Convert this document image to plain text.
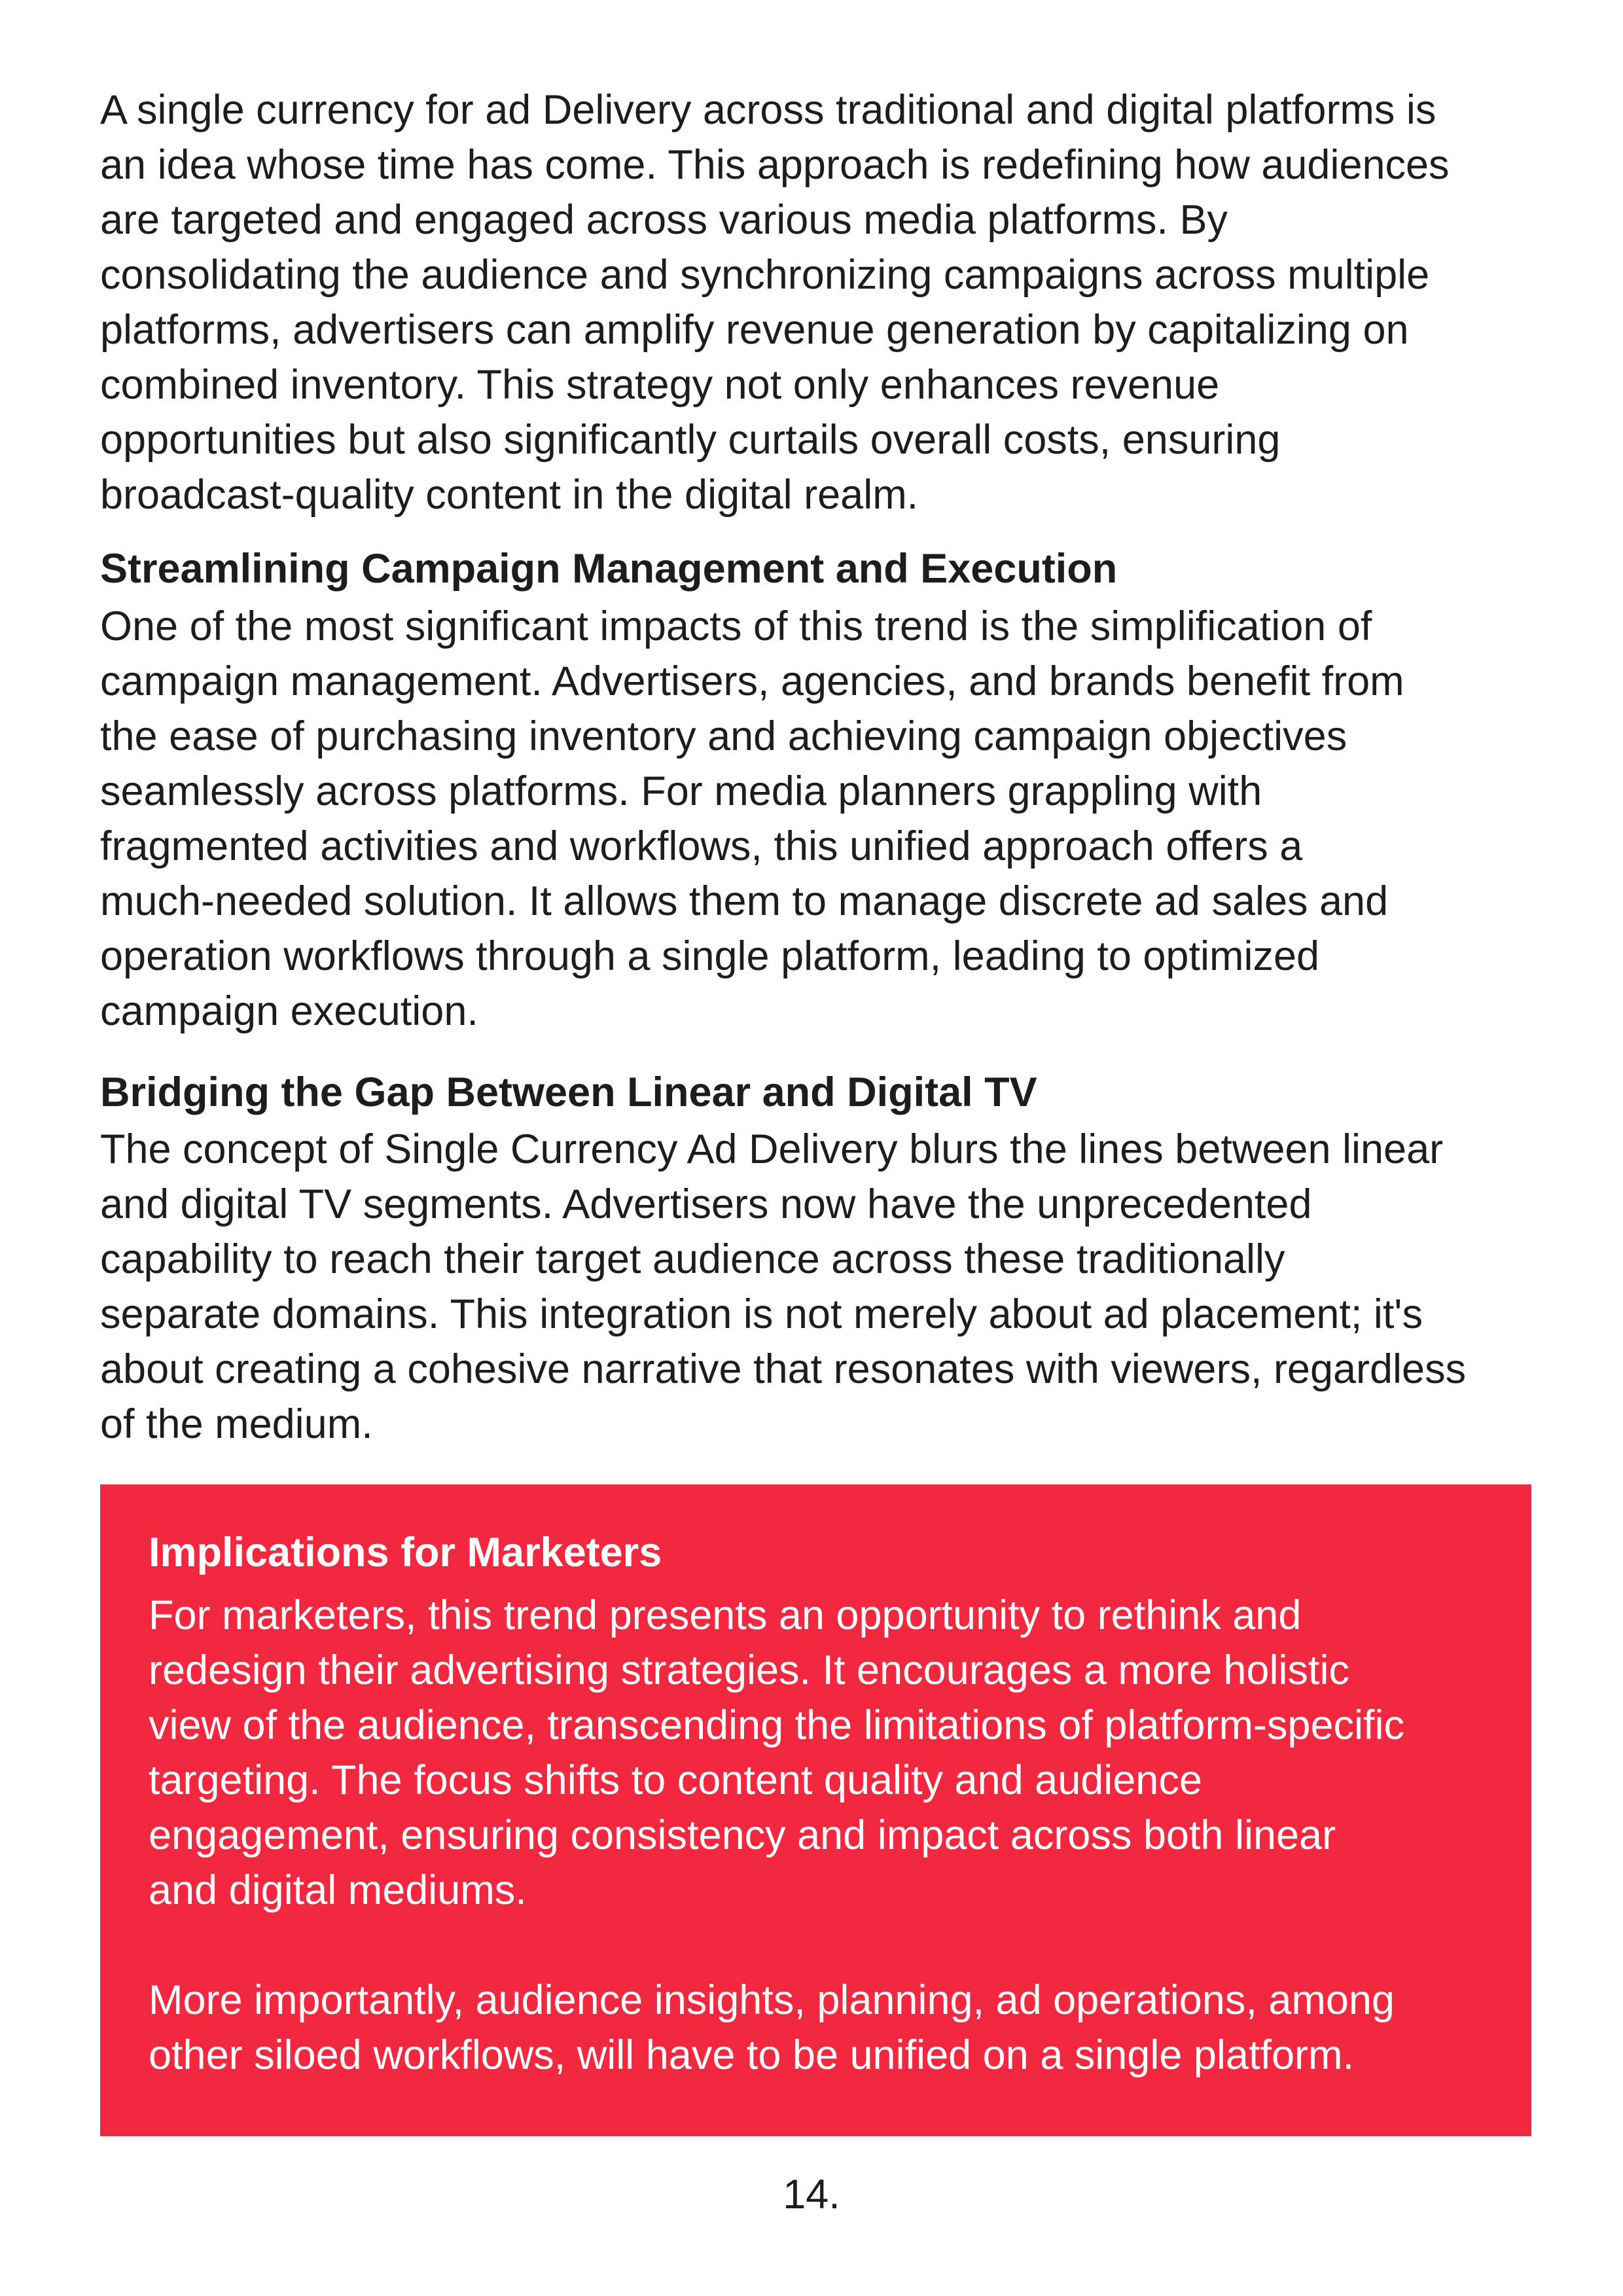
A single currency for ad Delivery across traditional and digital platforms is
an idea whose time has come. This approach is redefining how audiences
are targeted and engaged across various media platforms. By
consolidating the audience and synchronizing campaigns across multiple
platforms, advertisers can amplify revenue generation by capitalizing on
combined inventory. This strategy not only enhances revenue
opportunities but also significantly curtails overall costs, ensuring
broadcast-quality content in the digital realm.

Streamlining Campaign Management and Execution

One of the most significant impacts of this trend is the simplification of
campaign management. Advertisers, agencies, and brands benefit from
the ease of purchasing inventory and achieving campaign objectives
seamlessly across platforms. For media planners grappling with
fragmented activities and workflows, this unified approach offers a
much-needed solution. It allows them to manage discrete ad sales and
operation workflows through a single platform, leading to optimized
campaign execution.

Bridging the Gap Between Linear and Digital TV

The concept of Single Currency Ad Delivery blurs the lines between linear
and digital TV segments. Advertisers now have the unprecedented
capability to reach their target audience across these traditionally
separate domains. This integration is not merely about ad placement; it's
about creating a cohesive narrative that resonates with viewers, regardless
of the medium.

Implications for Marketers

For marketers, this trend presents an opportunity to rethink and
redesign their advertising strategies. It encourages a more holistic
view of the audience, transcending the limitations of platform-specific
targeting. The focus shifts to content quality and audience
engagement, ensuring consistency and impact across both linear
and digital mediums.

More importantly, audience insights, planning, ad operations, among
other siloed workflows, will have to be unified on a single platform.

14.
